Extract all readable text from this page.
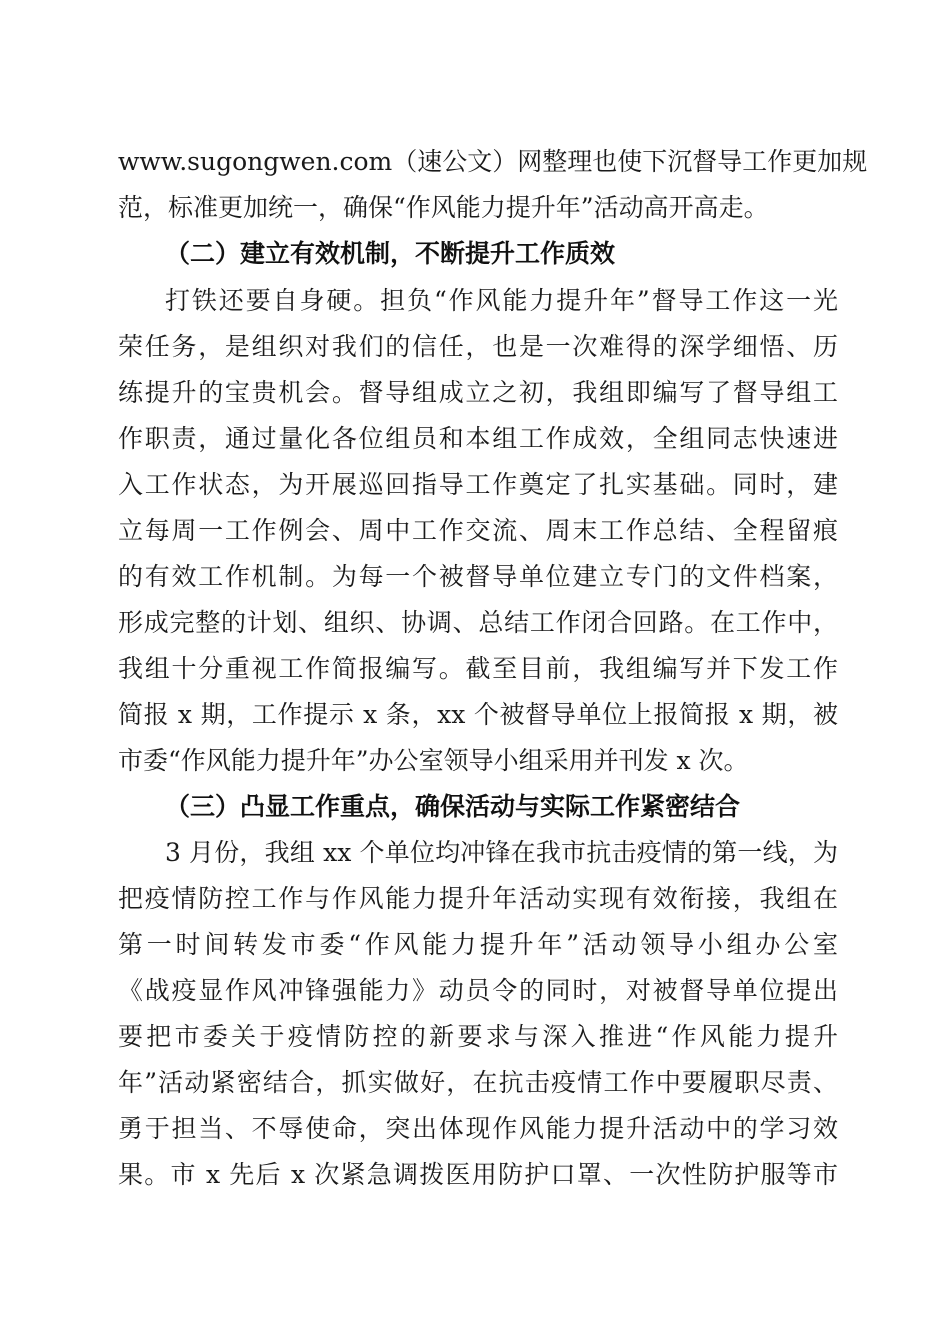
www.sugongwen.com（速公文）网整理也使下沉督导工作更加规
范，标准更加统一，确保“作风能力提升年”活动高开高走。
（二）建立有效机制，不断提升工作质效
打铁还要自身硬。担负“作风能力提升年”督导工作这一光
荣任务，是组织对我们的信任，也是一次难得的深学细悟、历
练提升的宝贵机会。督导组成立之初，我组即编写了督导组工
作职责，通过量化各位组员和本组工作成效，全组同志快速进
入工作状态，为开展巡回指导工作奠定了扎实基础。同时，建
立每周一工作例会、周中工作交流、周末工作总结、全程留痕
的有效工作机制。为每一个被督导单位建立专门的文件档案，
形成完整的计划、组织、协调、总结工作闭合回路。在工作中，
我组十分重视工作简报编写。截至目前，我组编写并下发工作
简报 x 期，工作提示 x 条，xx 个被督导单位上报简报 x 期，被
市委“作风能力提升年”办公室领导小组采用并刊发 x 次。
（三）凸显工作重点，确保活动与实际工作紧密结合
3 月份，我组 xx 个单位均冲锋在我市抗击疫情的第一线，为
把疫情防控工作与作风能力提升年活动实现有效衔接，我组在
第一时间转发市委“作风能力提升年”活动领导小组办公室
《战疫显作风冲锋强能力》动员令的同时，对被督导单位提出
要把市委关于疫情防控的新要求与深入推进“作风能力提升
年”活动紧密结合，抓实做好，在抗击疫情工作中要履职尽责、
勇于担当、不辱使命，突出体现作风能力提升活动中的学习效
果。市 x 先后 x 次紧急调拨医用防护口罩、一次性防护服等市
